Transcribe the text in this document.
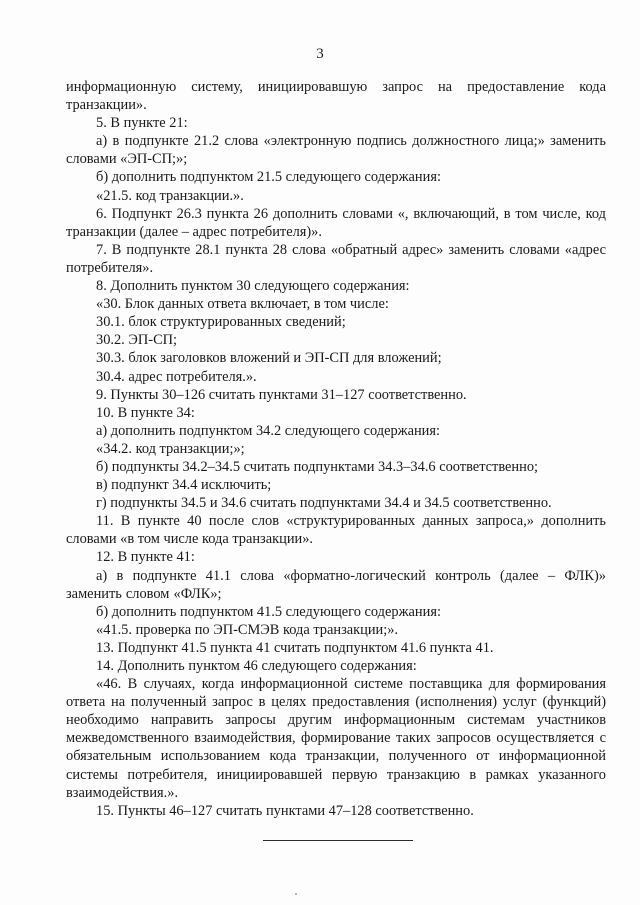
3

информационную систему, инициировавшую запрос на предоставление кода транзакции».

5. В пункте 21:

а) в подпункте 21.2 слова «электронную подпись должностного лица;» заменить словами «ЭП-СП;»;

б) дополнить подпунктом 21.5 следующего содержания:

«21.5. код транзакции.».

6. Подпункт 26.3 пункта 26 дополнить словами «, включающий, в том числе, код транзакции (далее – адрес потребителя)».

7. В подпункте 28.1 пункта 28 слова «обратный адрес» заменить словами «адрес потребителя».

8. Дополнить пунктом 30 следующего содержания:

«30. Блок данных ответа включает, в том числе:

30.1. блок структурированных сведений;

30.2. ЭП-СП;

30.3. блок заголовков вложений и ЭП-СП для вложений;

30.4. адрес потребителя.».

9. Пункты 30–126 считать пунктами 31–127 соответственно.

10. В пункте 34:

а) дополнить подпунктом 34.2 следующего содержания:

«34.2. код транзакции;»;

б) подпункты 34.2–34.5 считать подпунктами 34.3–34.6 соответственно;

в) подпункт 34.4 исключить;

г) подпункты 34.5 и 34.6 считать подпунктами 34.4 и 34.5 соответственно.

11. В пункте 40 после слов «структурированных данных запроса,» дополнить словами «в том числе кода транзакции».

12. В пункте 41:

а) в подпункте 41.1 слова «форматно-логический контроль (далее – ФЛК)» заменить словом «ФЛК»;

б) дополнить подпунктом 41.5 следующего содержания:

«41.5. проверка по ЭП-СМЭВ кода транзакции;».

13. Подпункт 41.5 пункта 41 считать подпунктом 41.6 пункта 41.

14. Дополнить пунктом 46 следующего содержания:

«46. В случаях, когда информационной системе поставщика для формирования ответа на полученный запрос в целях предоставления (исполнения) услуг (функций) необходимо направить запросы другим информационным системам участников межведомственного взаимодействия, формирование таких запросов осуществляется с обязательным использованием кода транзакции, полученного от информационной системы потребителя, инициировавшей первую транзакцию в рамках указанного взаимодействия.».

15. Пункты 46–127 считать пунктами 47–128 соответственно.
